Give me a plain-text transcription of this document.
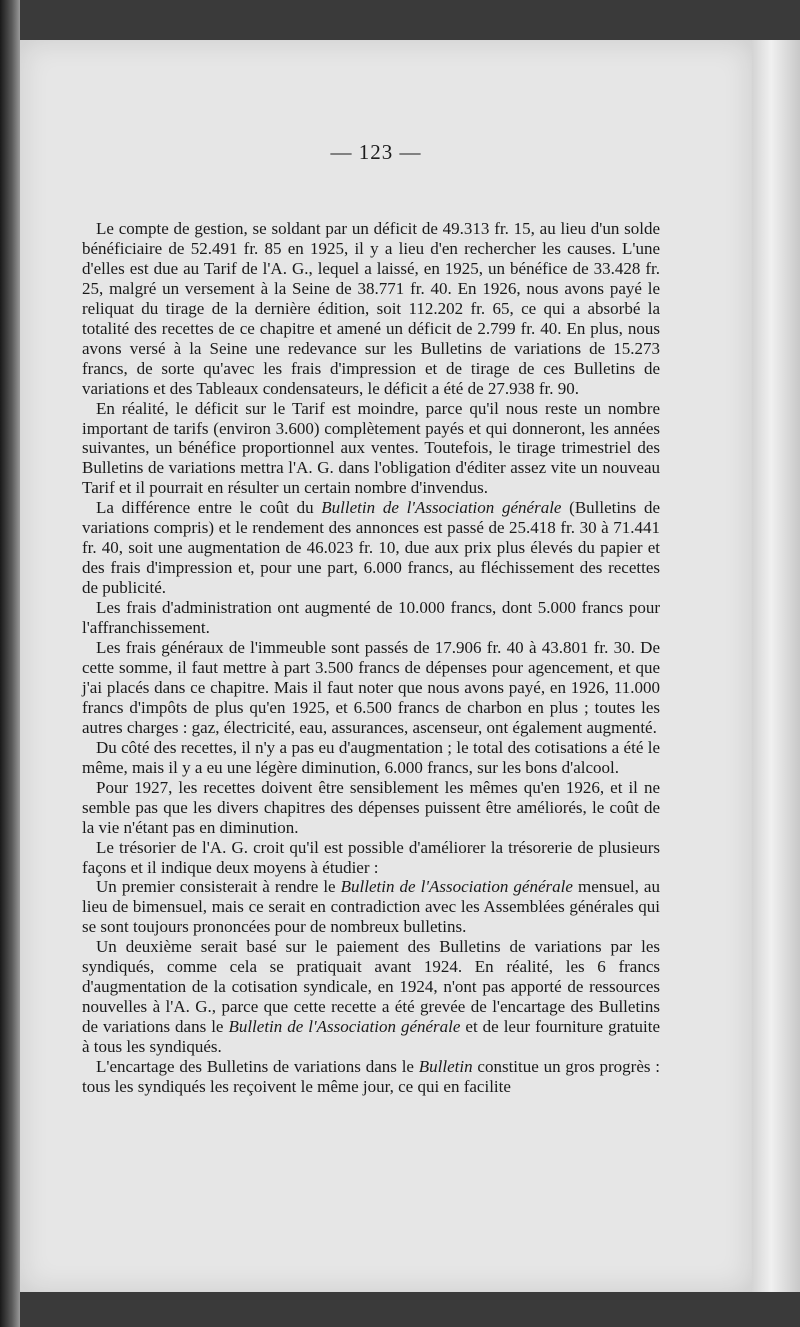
— 123 —

Le compte de gestion, se soldant par un déficit de 49.313 fr. 15, au lieu d'un solde bénéficiaire de 52.491 fr. 85 en 1925, il y a lieu d'en rechercher les causes. L'une d'elles est due au Tarif de l'A. G., lequel a laissé, en 1925, un bénéfice de 33.428 fr. 25, malgré un versement à la Seine de 38.771 fr. 40. En 1926, nous avons payé le reliquat du tirage de la dernière édition, soit 112.202 fr. 65, ce qui a absorbé la totalité des recettes de ce chapitre et amené un déficit de 2.799 fr. 40. En plus, nous avons versé à la Seine une redevance sur les Bulletins de variations de 15.273 francs, de sorte qu'avec les frais d'impression et de tirage de ces Bulletins de variations et des Tableaux condensateurs, le déficit a été de 27.938 fr. 90.

En réalité, le déficit sur le Tarif est moindre, parce qu'il nous reste un nombre important de tarifs (environ 3.600) complètement payés et qui donneront, les années suivantes, un bénéfice proportionnel aux ventes. Toutefois, le tirage trimestriel des Bulletins de variations mettra l'A. G. dans l'obligation d'éditer assez vite un nouveau Tarif et il pourrait en résulter un certain nombre d'invendus.

La différence entre le coût du Bulletin de l'Association générale (Bulletins de variations compris) et le rendement des annonces est passé de 25.418 fr. 30 à 71.441 fr. 40, soit une augmentation de 46.023 fr. 10, due aux prix plus élevés du papier et des frais d'impression et, pour une part, 6.000 francs, au fléchissement des recettes de publicité.

Les frais d'administration ont augmenté de 10.000 francs, dont 5.000 francs pour l'affranchissement.

Les frais généraux de l'immeuble sont passés de 17.906 fr. 40 à 43.801 fr. 30. De cette somme, il faut mettre à part 3.500 francs de dépenses pour agencement, et que j'ai placés dans ce chapitre. Mais il faut noter que nous avons payé, en 1926, 11.000 francs d'impôts de plus qu'en 1925, et 6.500 francs de charbon en plus ; toutes les autres charges : gaz, électricité, eau, assurances, ascenseur, ont également augmenté.

Du côté des recettes, il n'y a pas eu d'augmentation ; le total des cotisations a été le même, mais il y a eu une légère diminution, 6.000 francs, sur les bons d'alcool.

Pour 1927, les recettes doivent être sensiblement les mêmes qu'en 1926, et il ne semble pas que les divers chapitres des dépenses puissent être améliorés, le coût de la vie n'étant pas en diminution.

Le trésorier de l'A. G. croit qu'il est possible d'améliorer la trésorerie de plusieurs façons et il indique deux moyens à étudier :

Un premier consisterait à rendre le Bulletin de l'Association générale mensuel, au lieu de bimensuel, mais ce serait en contradiction avec les Assemblées générales qui se sont toujours prononcées pour de nombreux bulletins.

Un deuxième serait basé sur le paiement des Bulletins de variations par les syndiqués, comme cela se pratiquait avant 1924. En réalité, les 6 francs d'augmentation de la cotisation syndicale, en 1924, n'ont pas apporté de ressources nouvelles à l'A. G., parce que cette recette a été grevée de l'encartage des Bulletins de variations dans le Bulletin de l'Association générale et de leur fourniture gratuite à tous les syndiqués.

L'encartage des Bulletins de variations dans le Bulletin constitue un gros progrès : tous les syndiqués les reçoivent le même jour, ce qui en facilite
